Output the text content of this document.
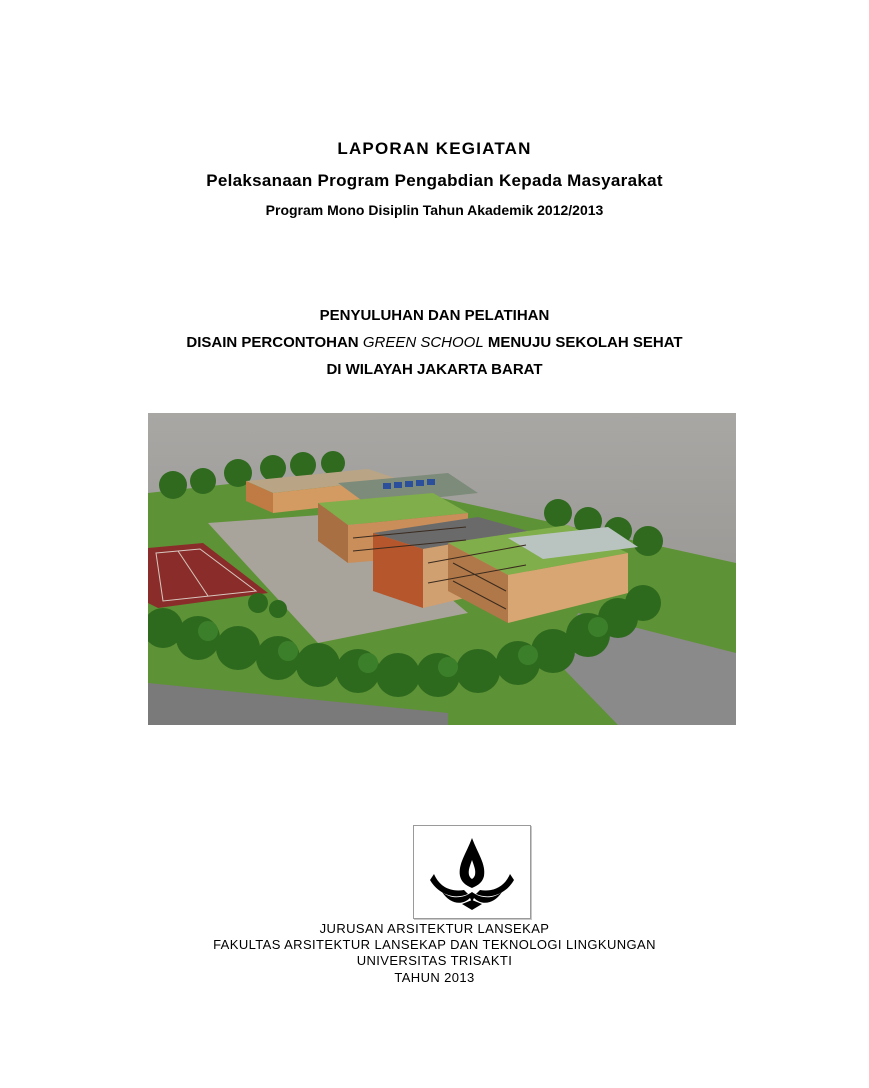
LAPORAN KEGIATAN
Pelaksanaan Program Pengabdian Kepada Masyarakat
Program Mono Disiplin Tahun Akademik 2012/2013
PENYULUHAN DAN PELATIHAN
DISAIN PERCONTOHAN GREEN SCHOOL MENUJU SEKOLAH SEHAT
DI WILAYAH JAKARTA BARAT
JURUSAN ARSITEKTUR LANSEKAP
FAKULTAS ARSITEKTUR LANSEKAP DAN TEKNOLOGI LINGKUNGAN
UNIVERSITAS TRISAKTI
TAHUN 2013
